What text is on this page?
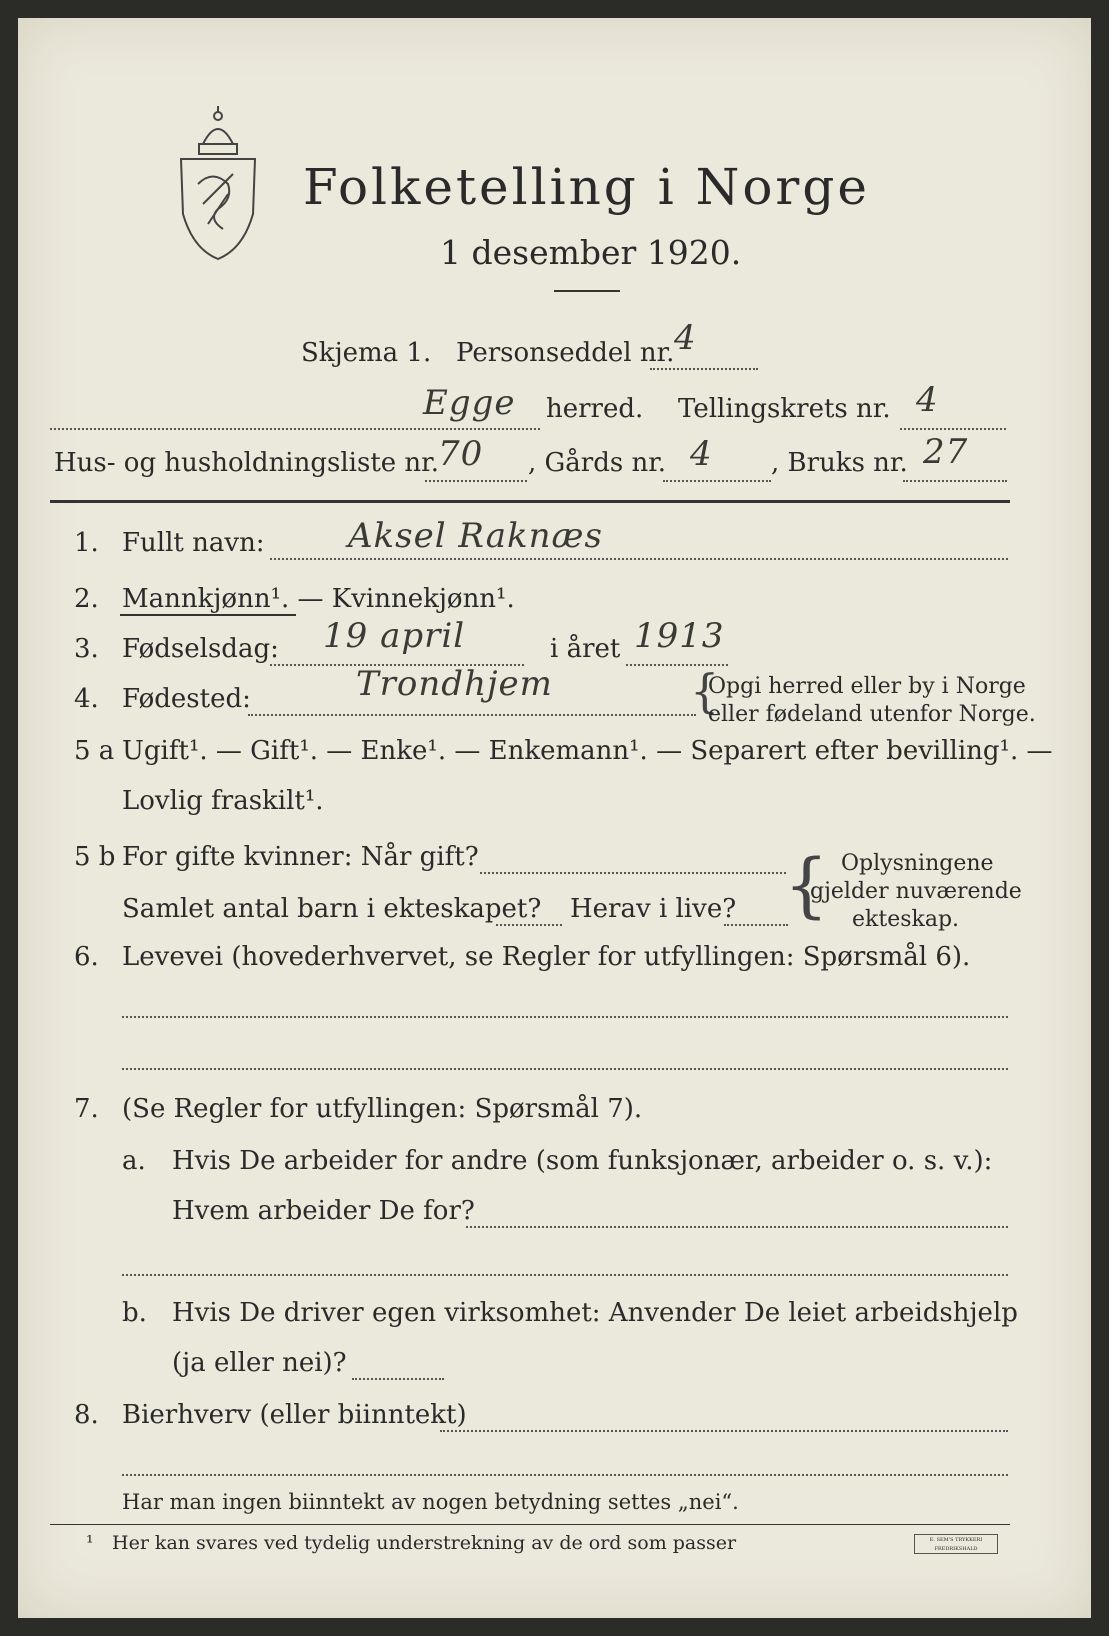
Folketelling i Norge
1 desember 1920.
Skjema 1. Personseddel nr. 4
Egge herred. Tellingskrets nr. 4
Hus- og husholdningsliste nr.
70 , Gårds nr. 4 , Bruks nr. 27
1. Fullt navn: Aksel Raknæs
2. Mannkjønn¹. — Kvinnekjønn¹.
3. Fødselsdag: 19 april	i året 1913
4. Fødested:	Trondhjem	{
Opgi herred eller by i Norge
eller fødeland utenfor Norge.
5 a Ugift¹. — Gift¹. — Enke¹. — Enkemann¹. — Separert efter bevilling¹. —
Lovlig fraskilt¹.
5 b For gifte kvinner: Når gift?
Samlet antal barn i ekteskapet? Herav i live? { Oplysningene
gjelder nuværende
ekteskap.
6. Levevei (hovederhvervet, se Regler for utfyllingen: Spørsmål 6).
7. (Se Regler for utfyllingen: Spørsmål 7).
a. Hvis De arbeider for andre (som funksjonær, arbeider o. s. v.):
Hvem arbeider De for?
b. Hvis De driver egen virksomhet: Anvender De leiet arbeidshjelp
(ja eller nei)?
8. Bierhverv (eller biinntekt)
Har man ingen biinntekt av nogen betydning settes „nei“.
¹ Her kan svares ved tydelig understrekning av de ord som passer	E. SEM'S TRYKKERI FREDRIKSHALD
